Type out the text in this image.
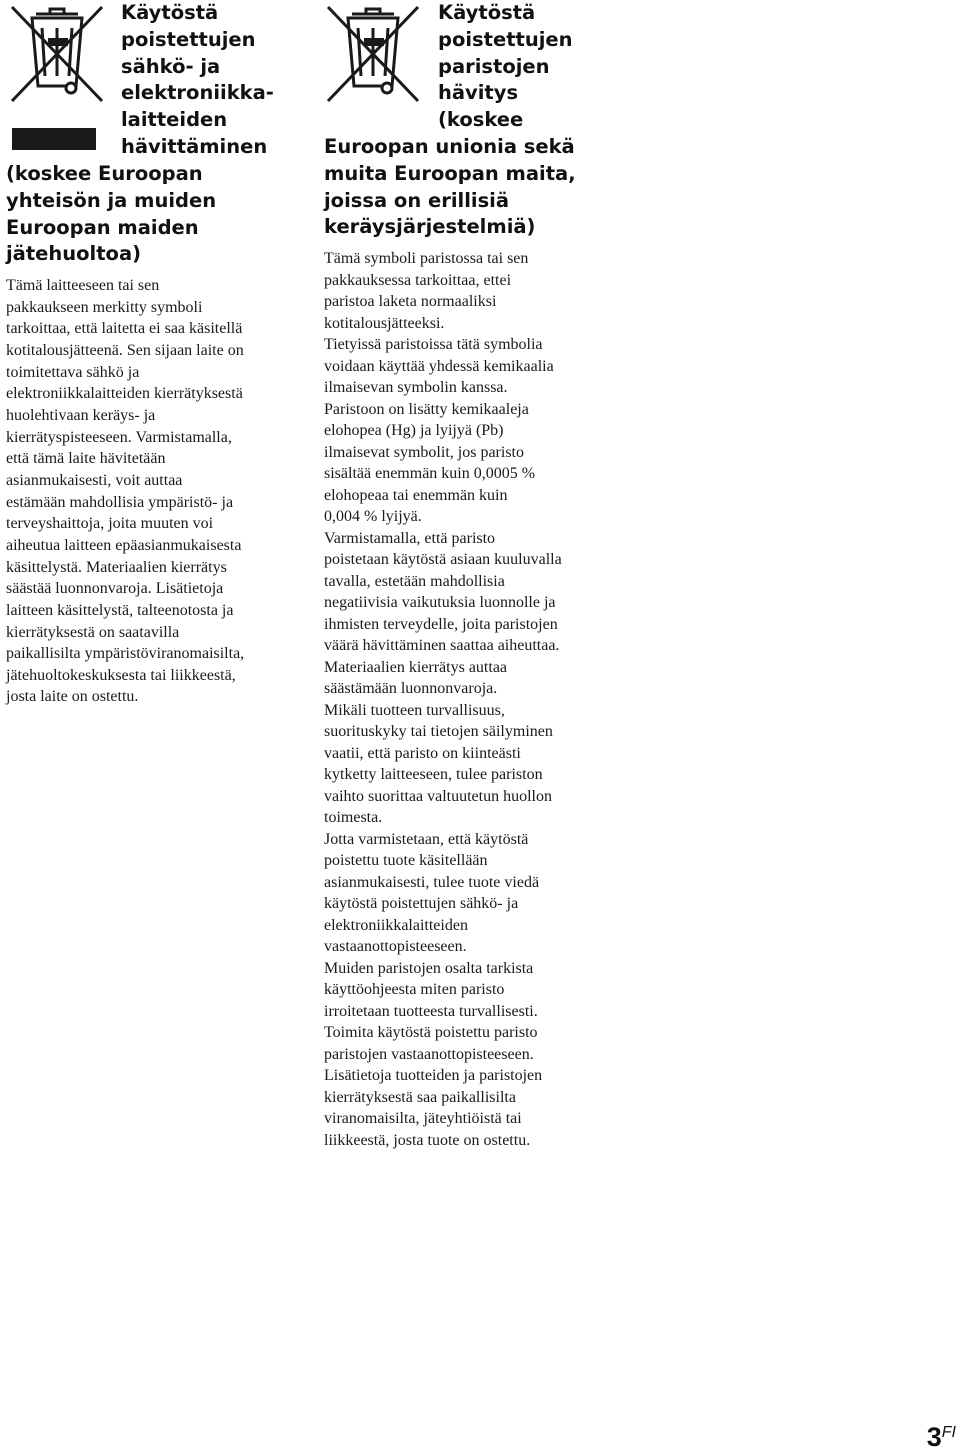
Käytöstä
poistettujen
sähkö- ja
elektroniikka-
laitteiden
hävittäminen
(koskee Euroopan
yhteisön ja muiden
Euroopan maiden
jätehuoltoa)
Tämä laitteeseen tai sen
pakkaukseen merkitty symboli
tarkoittaa, että laitetta ei saa käsitellä
kotitalousjätteenä. Sen sijaan laite on
toimitettava sähkö ja
elektroniikkalaitteiden kierrätyksestä
huolehtivaan keräys- ja
kierrätyspisteeseen. Varmistamalla,
että tämä laite hävitetään
asianmukaisesti, voit auttaa
estämään mahdollisia ympäristö- ja
terveyshaittoja, joita muuten voi
aiheutua laitteen epäasianmukaisesta
käsittelystä. Materiaalien kierrätys
säästää luonnonvaroja. Lisätietoja
laitteen käsittelystä, talteenotosta ja
kierrätyksestä on saatavilla
paikallisilta ympäristöviranomaisilta,
jätehuoltokeskuksesta tai liikkeestä,
josta laite on ostettu.
Käytöstä
poistettujen
paristojen
hävitys
(koskee
Euroopan unionia sekä
muita Euroopan maita,
joissa on erillisiä
keräysjärjestelmiä)
Tämä symboli paristossa tai sen
pakkauksessa tarkoittaa, ettei
paristoa laketa normaaliksi
kotitalousjätteeksi.
Tietyissä paristoissa tätä symbolia
voidaan käyttää yhdessä kemikaalia
ilmaisevan symbolin kanssa.
Paristoon on lisätty kemikaaleja
elohopea (Hg) ja lyijyä (Pb)
ilmaisevat symbolit, jos paristo
sisältää enemmän kuin 0,0005 %
elohopeaa tai enemmän kuin
0,004 % lyijyä.
Varmistamalla, että paristo
poistetaan käytöstä asiaan kuuluvalla
tavalla, estetään mahdollisia
negatiivisia vaikutuksia luonnolle ja
ihmisten terveydelle, joita paristojen
väärä hävittäminen saattaa aiheuttaa.
Materiaalien kierrätys auttaa
säästämään luonnonvaroja.
Mikäli tuotteen turvallisuus,
suorituskyky tai tietojen säilyminen
vaatii, että paristo on kiinteästi
kytketty laitteeseen, tulee pariston
vaihto suorittaa valtuutetun huollon
toimesta.
Jotta varmistetaan, että käytöstä
poistettu tuote käsitellään
asianmukaisesti, tulee tuote viedä
käytöstä poistettujen sähkö- ja
elektroniikkalaitteiden
vastaanottopisteeseen.
Muiden paristojen osalta tarkista
käyttöohjeesta miten paristo
irroitetaan tuotteesta turvallisesti.
Toimita käytöstä poistettu paristo
paristojen vastaanottopisteeseen.
Lisätietoja tuotteiden ja paristojen
kierrätyksestä saa paikallisilta
viranomaisilta, jäteyhtiöistä tai
liikkeestä, josta tuote on ostettu.
3FI
